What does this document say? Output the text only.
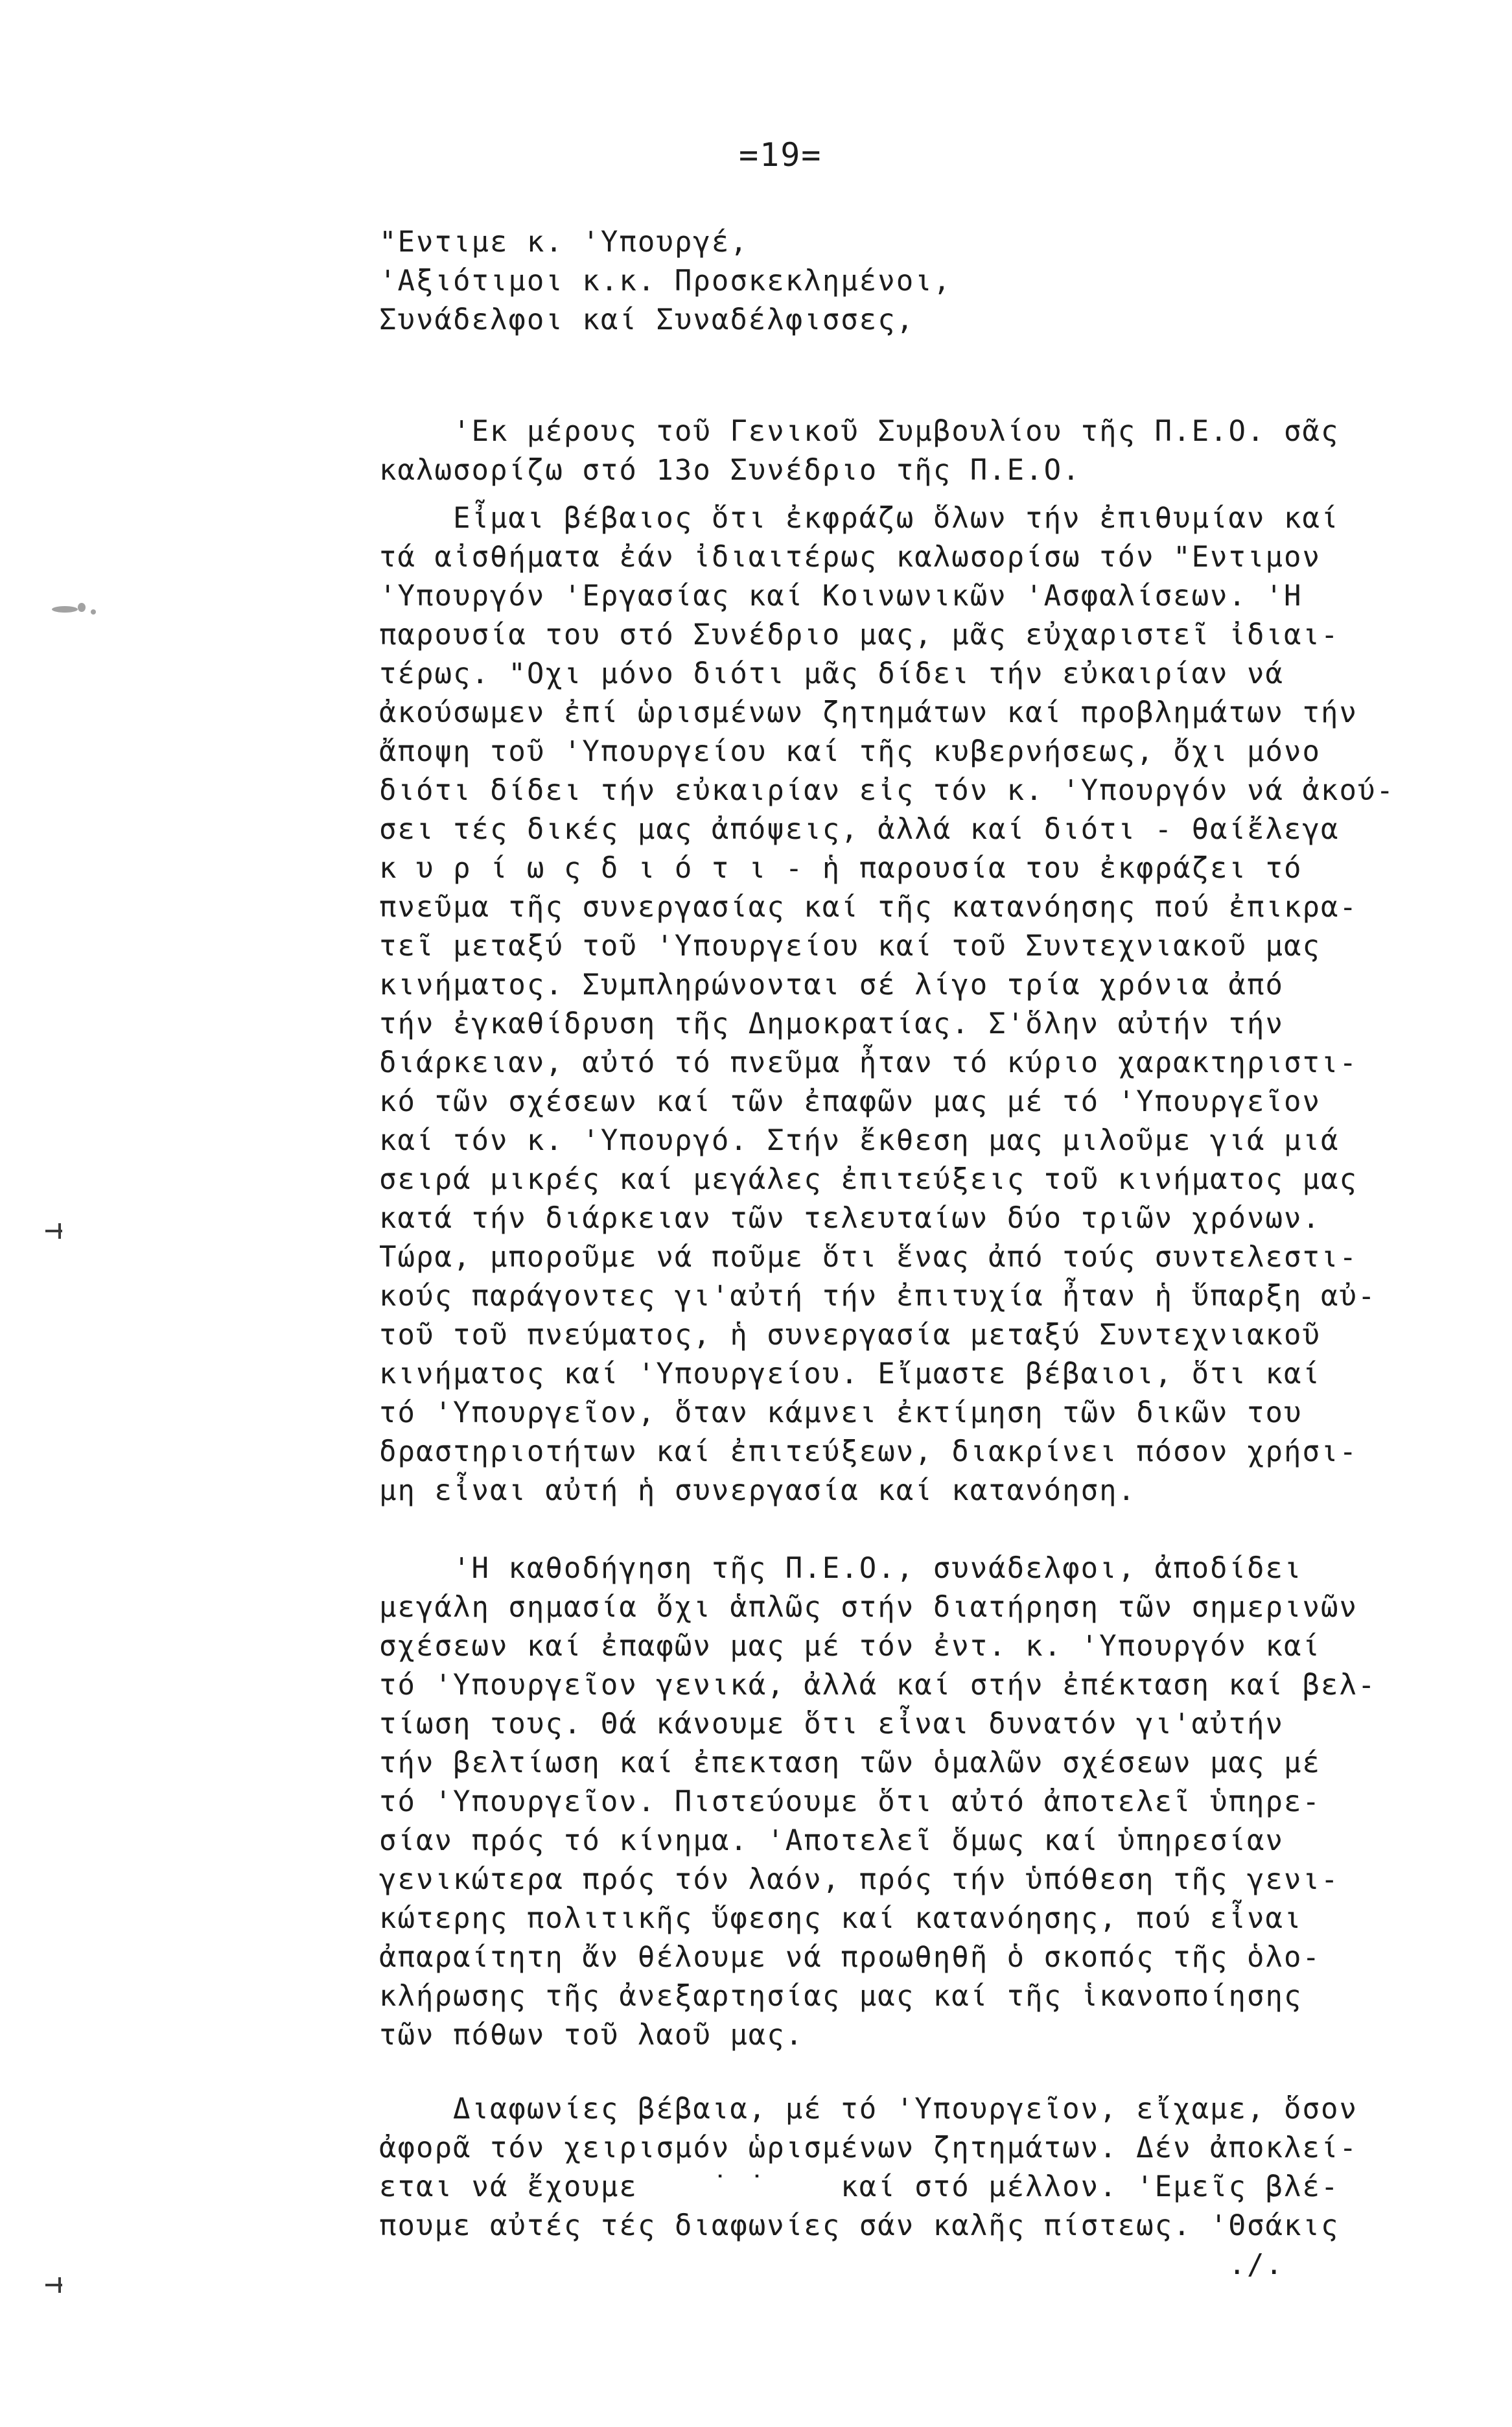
=19=
"Εντιμε κ. 'Υπουργέ,
'Αξιότιμοι κ.κ. Προσκεκλημένοι,
Συνάδελφοι καί Συναδέλφισσες,
'Εκ μέρους τοῦ Γενικοῦ Συμβουλίου τῆς Π.Ε.Ο. σᾶς
καλωσορίζω στό 13ο Συνέδριο τῆς Π.Ε.Ο.
Εἶμαι βέβαιος ὅτι ἐκφράζω ὅλων τήν ἐπιθυμίαν καί
τά αἰσθήματα ἐάν ἰδιαιτέρως καλωσορίσω τόν "Εντιμον
'Υπουργόν 'Εργασίας καί Κοινωνικῶν 'Ασφαλίσεων. 'Η
παρουσία του στό Συνέδριο μας, μᾶς εὐχαριστεῖ ἰδιαι-
τέρως. "Οχι μόνο διότι μᾶς δίδει τήν εὐκαιρίαν νά
ἀκούσωμεν ἐπί ὡρισμένων ζητημάτων καί προβλημάτων τήν
ἄποψη τοῦ 'Υπουργείου καί τῆς κυβερνήσεως, ὄχι μόνο
διότι δίδει τήν εὐκαιρίαν εἰς τόν κ. 'Υπουργόν νά ἀκού-
σει τές δικές μας ἀπόψεις, ἀλλά καί διότι - θαίἔλεγα
κ υ ρ ί ω ς δ ι ό τ ι - ἡ παρουσία του ἐκφράζει τό
πνεῦμα τῆς συνεργασίας καί τῆς κατανόησης πού ἐπικρα-
τεῖ μεταξύ τοῦ 'Υπουργείου καί τοῦ Συντεχνιακοῦ μας
κινήματος. Συμπληρώνονται σέ λίγο τρία χρόνια ἀπό
τήν ἐγκαθίδρυση τῆς Δημοκρατίας. Σ'ὅλην αὐτήν τήν
διάρκειαν, αὐτό τό πνεῦμα ἦταν τό κύριο χαρακτηριστι-
κό τῶν σχέσεων καί τῶν ἐπαφῶν μας μέ τό 'Υπουργεῖον
καί τόν κ. 'Υπουργό. Στήν ἔκθεση μας μιλοῦμε γιά μιά
σειρά μικρές καί μεγάλες ἐπιτεύξεις τοῦ κινήματος μας
κατά τήν διάρκειαν τῶν τελευταίων δύο τριῶν χρόνων.
Τώρα, μποροῦμε νά ποῦμε ὅτι ἕνας ἀπό τούς συντελεστι-
κούς παράγοντες γι'αὐτή τήν ἐπιτυχία ἦταν ἡ ὕπαρξη αὐ-
τοῦ τοῦ πνεύματος, ἡ συνεργασία μεταξύ Συντεχνιακοῦ
κινήματος καί 'Υπουργείου. Εἴμαστε βέβαιοι, ὅτι καί
τό 'Υπουργεῖον, ὅταν κάμνει ἐκτίμηση τῶν δικῶν του
δραστηριοτήτων καί ἐπιτεύξεων, διακρίνει πόσον χρήσι-
μη εἶναι αὐτή ἡ συνεργασία καί κατανόηση.
'Η καθοδήγηση τῆς Π.Ε.Ο., συνάδελφοι, ἀποδίδει
μεγάλη σημασία ὄχι ἁπλῶς στήν διατήρηση τῶν σημερινῶν
σχέσεων καί ἐπαφῶν μας μέ τόν ἐντ. κ. 'Υπουργόν καί
τό 'Υπουργεῖον γενικά, ἀλλά καί στήν ἐπέκταση καί βελ-
τίωση τους. Θά κάνουμε ὅτι εἶναι δυνατόν γι'αὐτήν
τήν βελτίωση καί ἐπεκταση τῶν ὁμαλῶν σχέσεων μας μέ
τό 'Υπουργεῖον. Πιστεύουμε ὅτι αὐτό ἀποτελεῖ ὑπηρε-
σίαν πρός τό κίνημα. 'Αποτελεῖ ὅμως καί ὑπηρεσίαν
γενικώτερα πρός τόν λαόν, πρός τήν ὑπόθεση τῆς γενι-
κώτερης πολιτικῆς ὕφεσης καί κατανόησης, πού εἶναι
ἀπαραίτητη ἄν θέλουμε νά προωθηθῆ ὁ σκοπός τῆς ὁλο-
κλήρωσης τῆς ἀνεξαρτησίας μας καί τῆς ἱκανοποίησης
τῶν πόθων τοῦ λαοῦ μας.
Διαφωνίες βέβαια, μέ τό 'Υπουργεῖον, εἴχαμε, ὅσον
ἀφορᾶ τόν χειρισμόν ὡρισμένων ζητημάτων. Δέν ἀποκλεί-
εται νά ἔχουμε    ˙ ˙    καί στό μέλλον. 'Εμεῖς βλέ-
πουμε αὐτές τές διαφωνίες σάν καλῆς πίστεως. 'Θσάκις
./.
